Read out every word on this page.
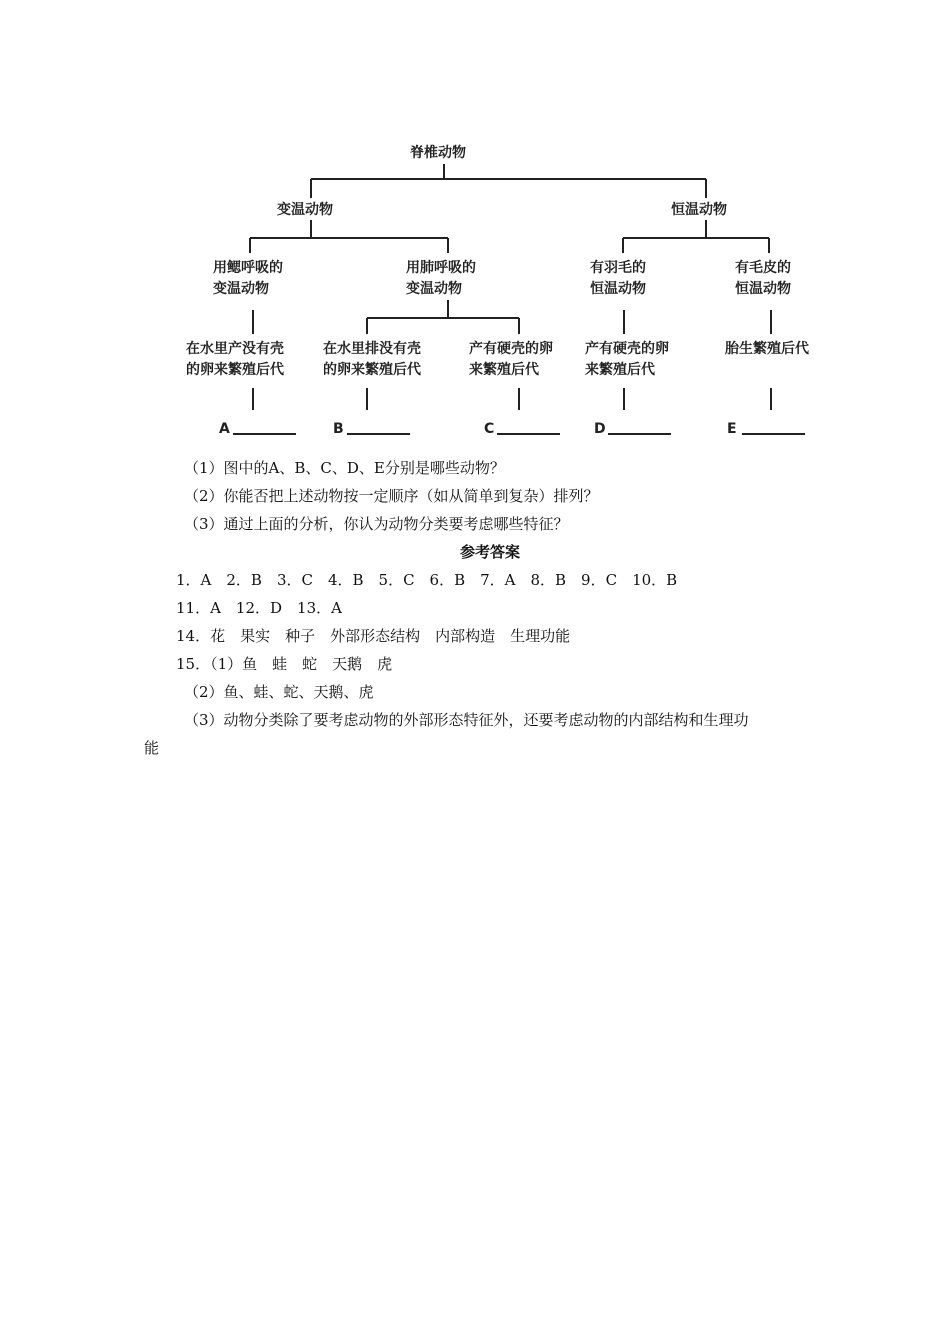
脊椎动物
变温动物	恒温动物
用鳃呼吸的
变温动物
用肺呼吸的
变温动物
有羽毛的
恒温动物
有毛皮的
恒温动物
在水里产没有壳
的卵来繁殖后代
在水里排没有壳
的卵来繁殖后代
产有硬壳的卵
来繁殖后代
产有硬壳的卵
来繁殖后代
胎生繁殖后代
A	B	C	D	E
（1）图中的A、B、C、D、E分别是哪些动物？
（2）你能否把上述动物按一定顺序（如从简单到复杂）排列？
（3）通过上面的分析，你认为动物分类要考虑哪些特征？
参考答案
1．A　2．B　3．C　4．B　5．C　6．B　7．A　8．B　9．C　10．B
11．A　12．D　13．A
14．花　果实　种子　外部形态结构　内部构造　生理功能
15．（1）鱼　蛙　蛇　天鹅　虎
（2）鱼、蛙、蛇、天鹅、虎
（3）动物分类除了要考虑动物的外部形态特征外，还要考虑动物的内部结构和生理功
能
